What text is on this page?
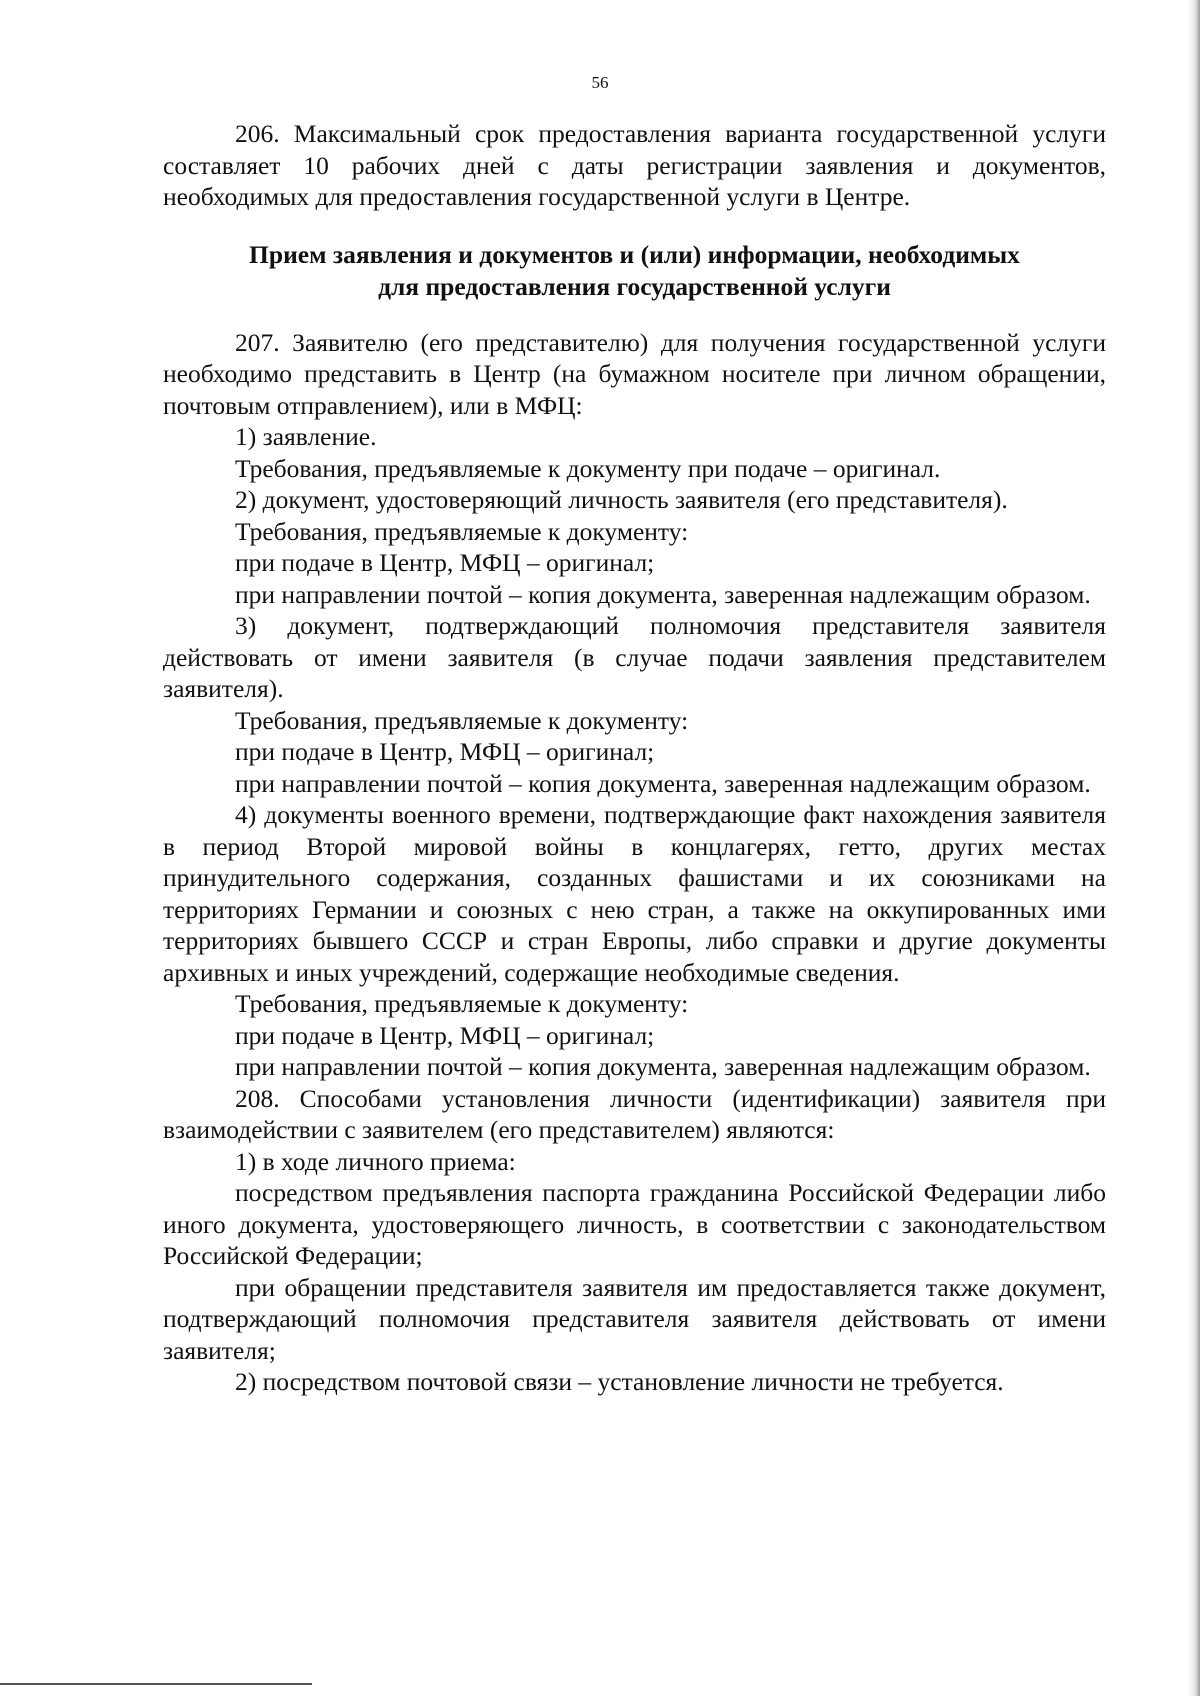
56

206. Максимальный срок предоставления варианта государственной услуги составляет 10 рабочих дней с даты регистрации заявления и документов, необходимых для предоставления государственной услуги в Центре.

Прием заявления и документов и (или) информации, необходимых
для предоставления государственной услуги

207. Заявителю (его представителю) для получения государственной услуги необходимо представить в Центр (на бумажном носителе при личном обращении, почтовым отправлением), или в МФЦ:

1) заявление.

Требования, предъявляемые к документу при подаче – оригинал.

2) документ, удостоверяющий личность заявителя (его представителя).

Требования, предъявляемые к документу:

при подаче в Центр, МФЦ – оригинал;

при направлении почтой – копия документа, заверенная надлежащим образом.

3) документ, подтверждающий полномочия представителя заявителя действовать от имени заявителя (в случае подачи заявления представителем заявителя).

Требования, предъявляемые к документу:

при подаче в Центр, МФЦ – оригинал;

при направлении почтой – копия документа, заверенная надлежащим образом.

4) документы военного времени, подтверждающие факт нахождения заявителя в период Второй мировой войны в концлагерях, гетто, других местах принудительного содержания, созданных фашистами и их союзниками на территориях Германии и союзных с нею стран, а также на оккупированных ими территориях бывшего СССР и стран Европы, либо справки и другие документы архивных и иных учреждений, содержащие необходимые сведения.

Требования, предъявляемые к документу:

при подаче в Центр, МФЦ – оригинал;

при направлении почтой – копия документа, заверенная надлежащим образом.

208. Способами установления личности (идентификации) заявителя при взаимодействии с заявителем (его представителем) являются:

1) в ходе личного приема:

посредством предъявления паспорта гражданина Российской Федерации либо иного документа, удостоверяющего личность, в соответствии с законодательством Российской Федерации;

при обращении представителя заявителя им предоставляется также документ, подтверждающий полномочия представителя заявителя действовать от имени заявителя;

2) посредством почтовой связи – установление личности не требуется.
